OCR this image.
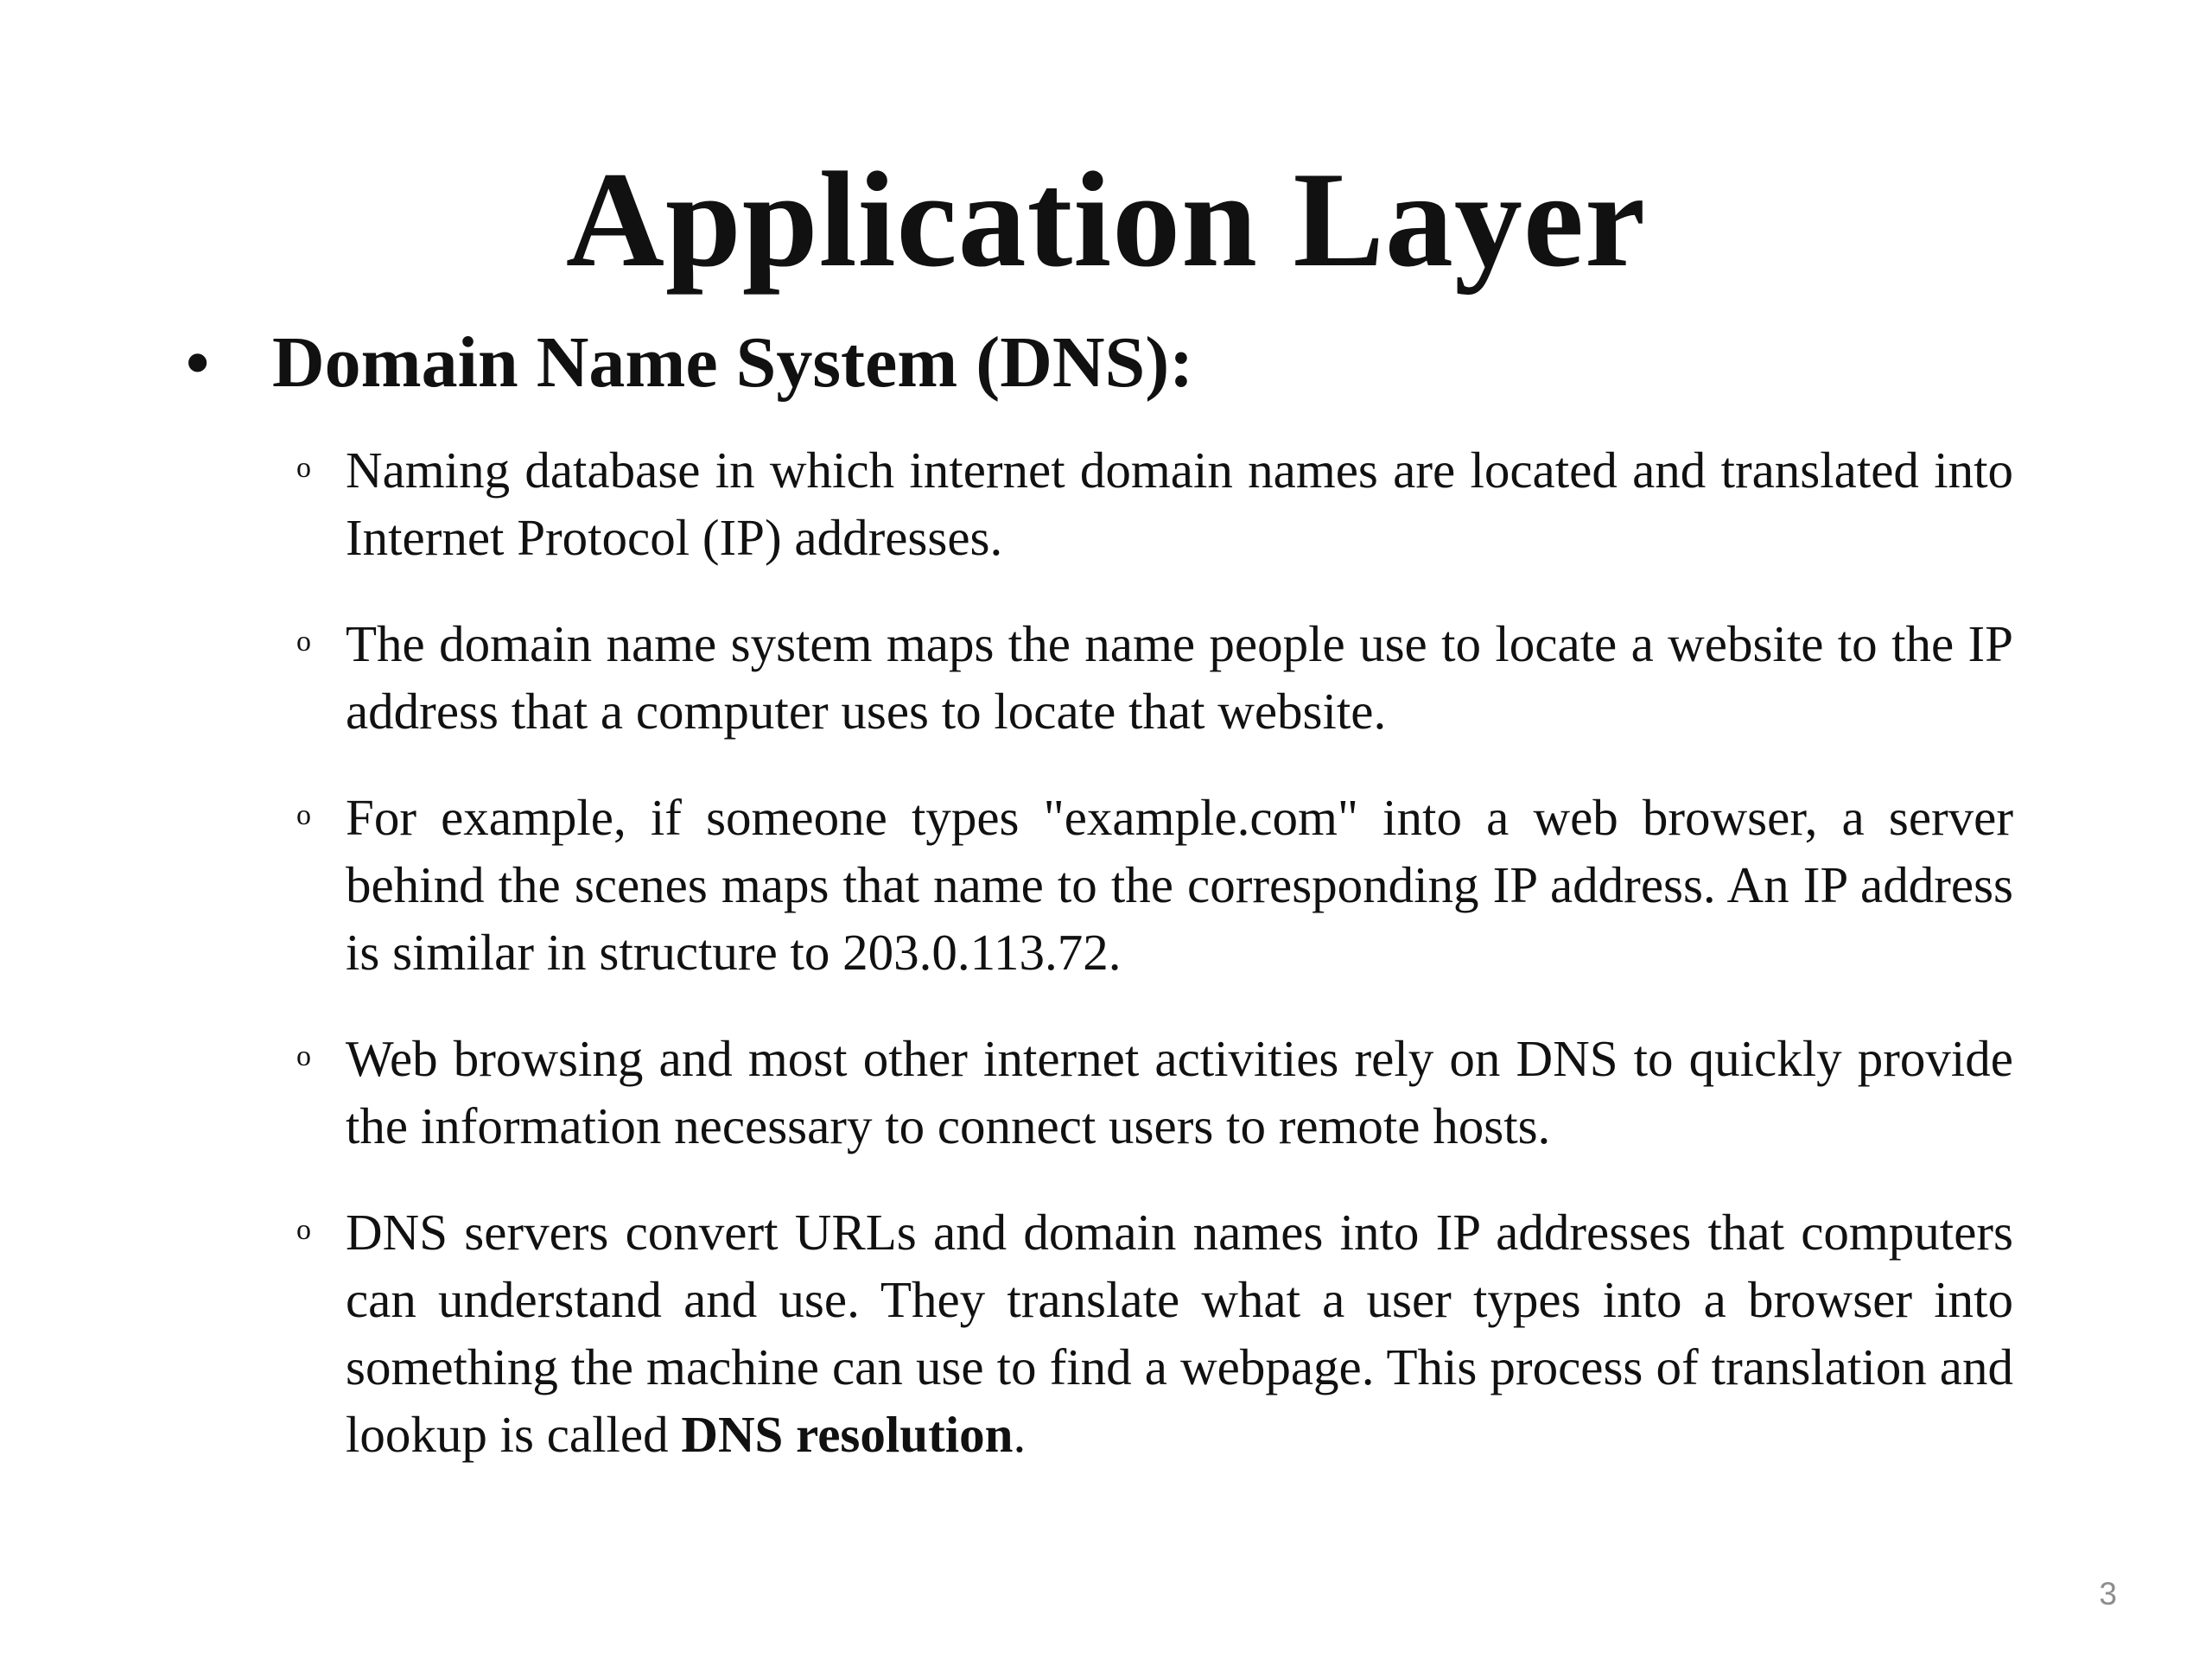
Application Layer
• Domain Name System (DNS):
o Naming database in which internet domain names are located and translated into Internet Protocol (IP) addresses.
o The domain name system maps the name people use to locate a website to the IP address that a computer uses to locate that website.
o For example, if someone types "example.com" into a web browser, a server behind the scenes maps that name to the corresponding IP address. An IP address is similar in structure to 203.0.113.72.
o Web browsing and most other internet activities rely on DNS to quickly provide the information necessary to connect users to remote hosts.
o DNS servers convert URLs and domain names into IP addresses that computers can understand and use. They translate what a user types into a browser into something the machine can use to find a webpage. This process of translation and lookup is called DNS resolution.
3
